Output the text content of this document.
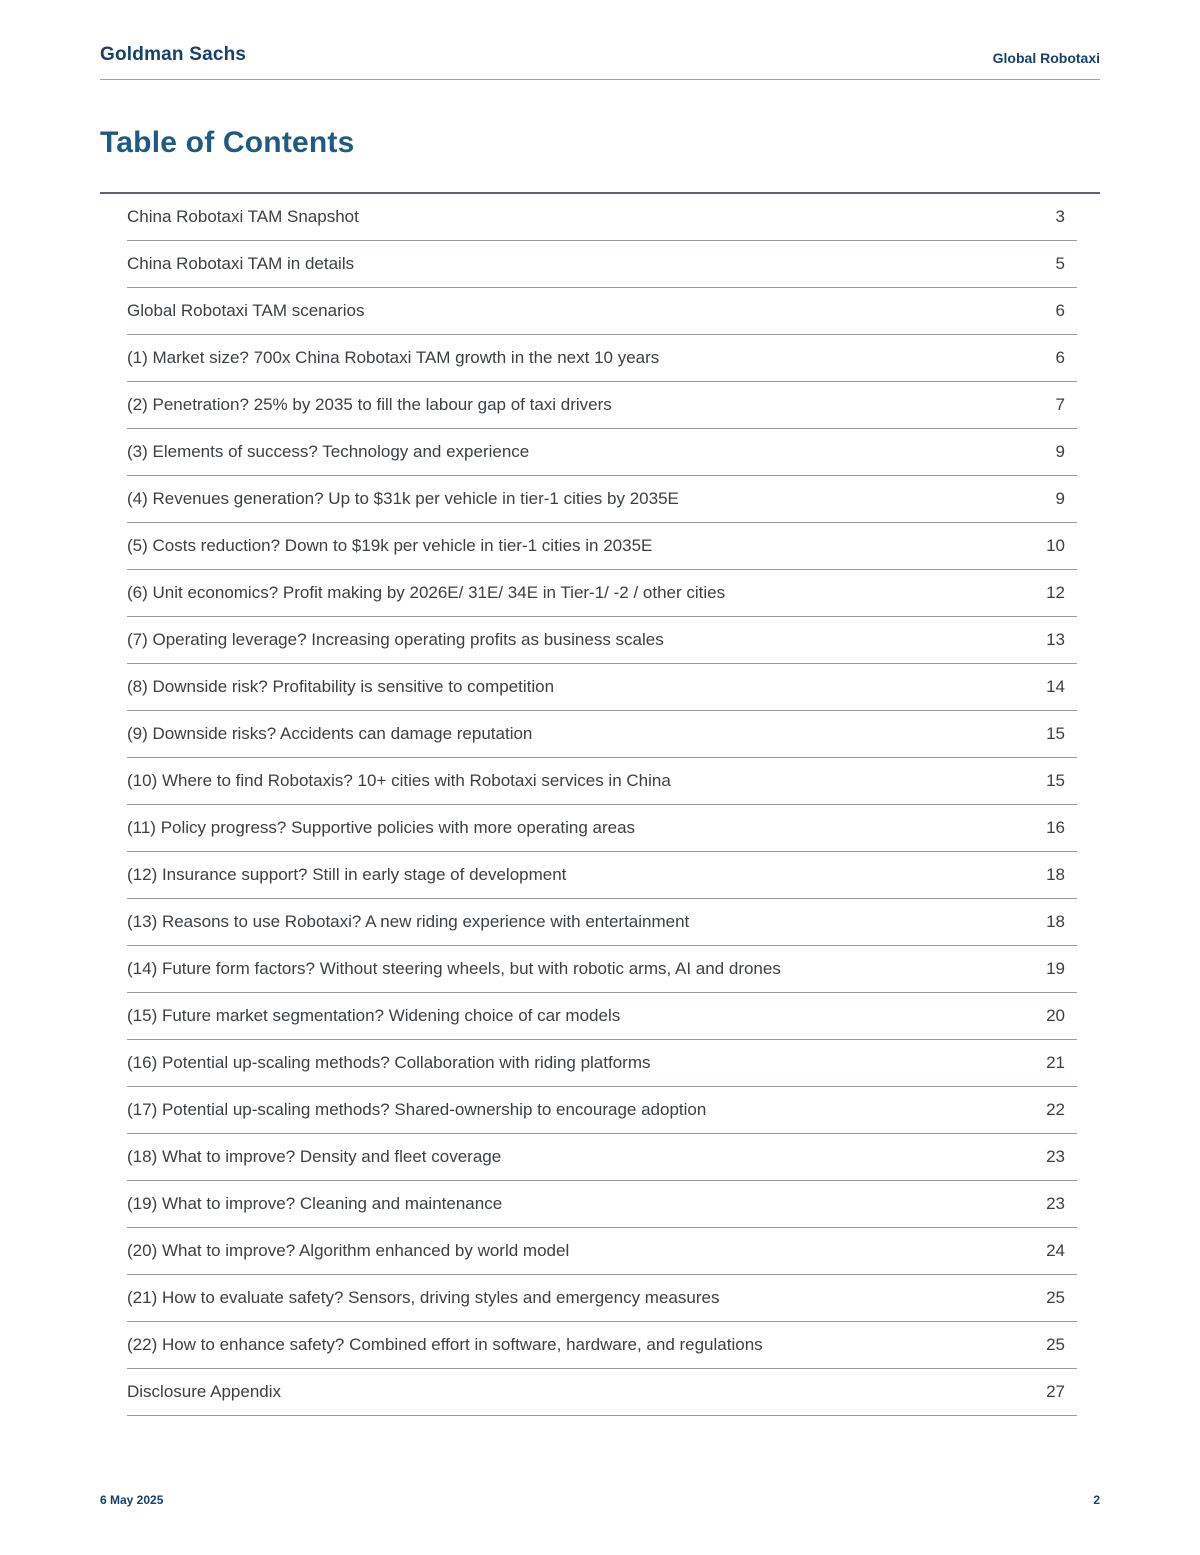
Goldman Sachs	Global Robotaxi
Table of Contents
China Robotaxi TAM Snapshot	3
China Robotaxi TAM in details	5
Global Robotaxi TAM scenarios	6
(1) Market size? 700x China Robotaxi TAM growth in the next 10 years	6
(2) Penetration? 25% by 2035 to fill the labour gap of taxi drivers	7
(3) Elements of success? Technology and experience	9
(4) Revenues generation? Up to $31k per vehicle in tier-1 cities by 2035E	9
(5) Costs reduction? Down to $19k per vehicle in tier-1 cities in 2035E	10
(6) Unit economics? Profit making by 2026E/ 31E/ 34E in Tier-1/ -2 / other cities	12
(7) Operating leverage? Increasing operating profits as business scales	13
(8) Downside risk? Profitability is sensitive to competition	14
(9) Downside risks? Accidents can damage reputation	15
(10) Where to find Robotaxis? 10+ cities with Robotaxi services in China	15
(11) Policy progress? Supportive policies with more operating areas	16
(12) Insurance support? Still in early stage of development	18
(13) Reasons to use Robotaxi? A new riding experience with entertainment	18
(14) Future form factors? Without steering wheels, but with robotic arms, AI and drones	19
(15) Future market segmentation? Widening choice of car models	20
(16) Potential up-scaling methods? Collaboration with riding platforms	21
(17) Potential up-scaling methods? Shared-ownership to encourage adoption	22
(18) What to improve? Density and fleet coverage	23
(19) What to improve? Cleaning and maintenance	23
(20) What to improve? Algorithm enhanced by world model	24
(21) How to evaluate safety? Sensors, driving styles and emergency measures	25
(22) How to enhance safety? Combined effort in software, hardware, and regulations	25
Disclosure Appendix	27
6 May 2025	2
